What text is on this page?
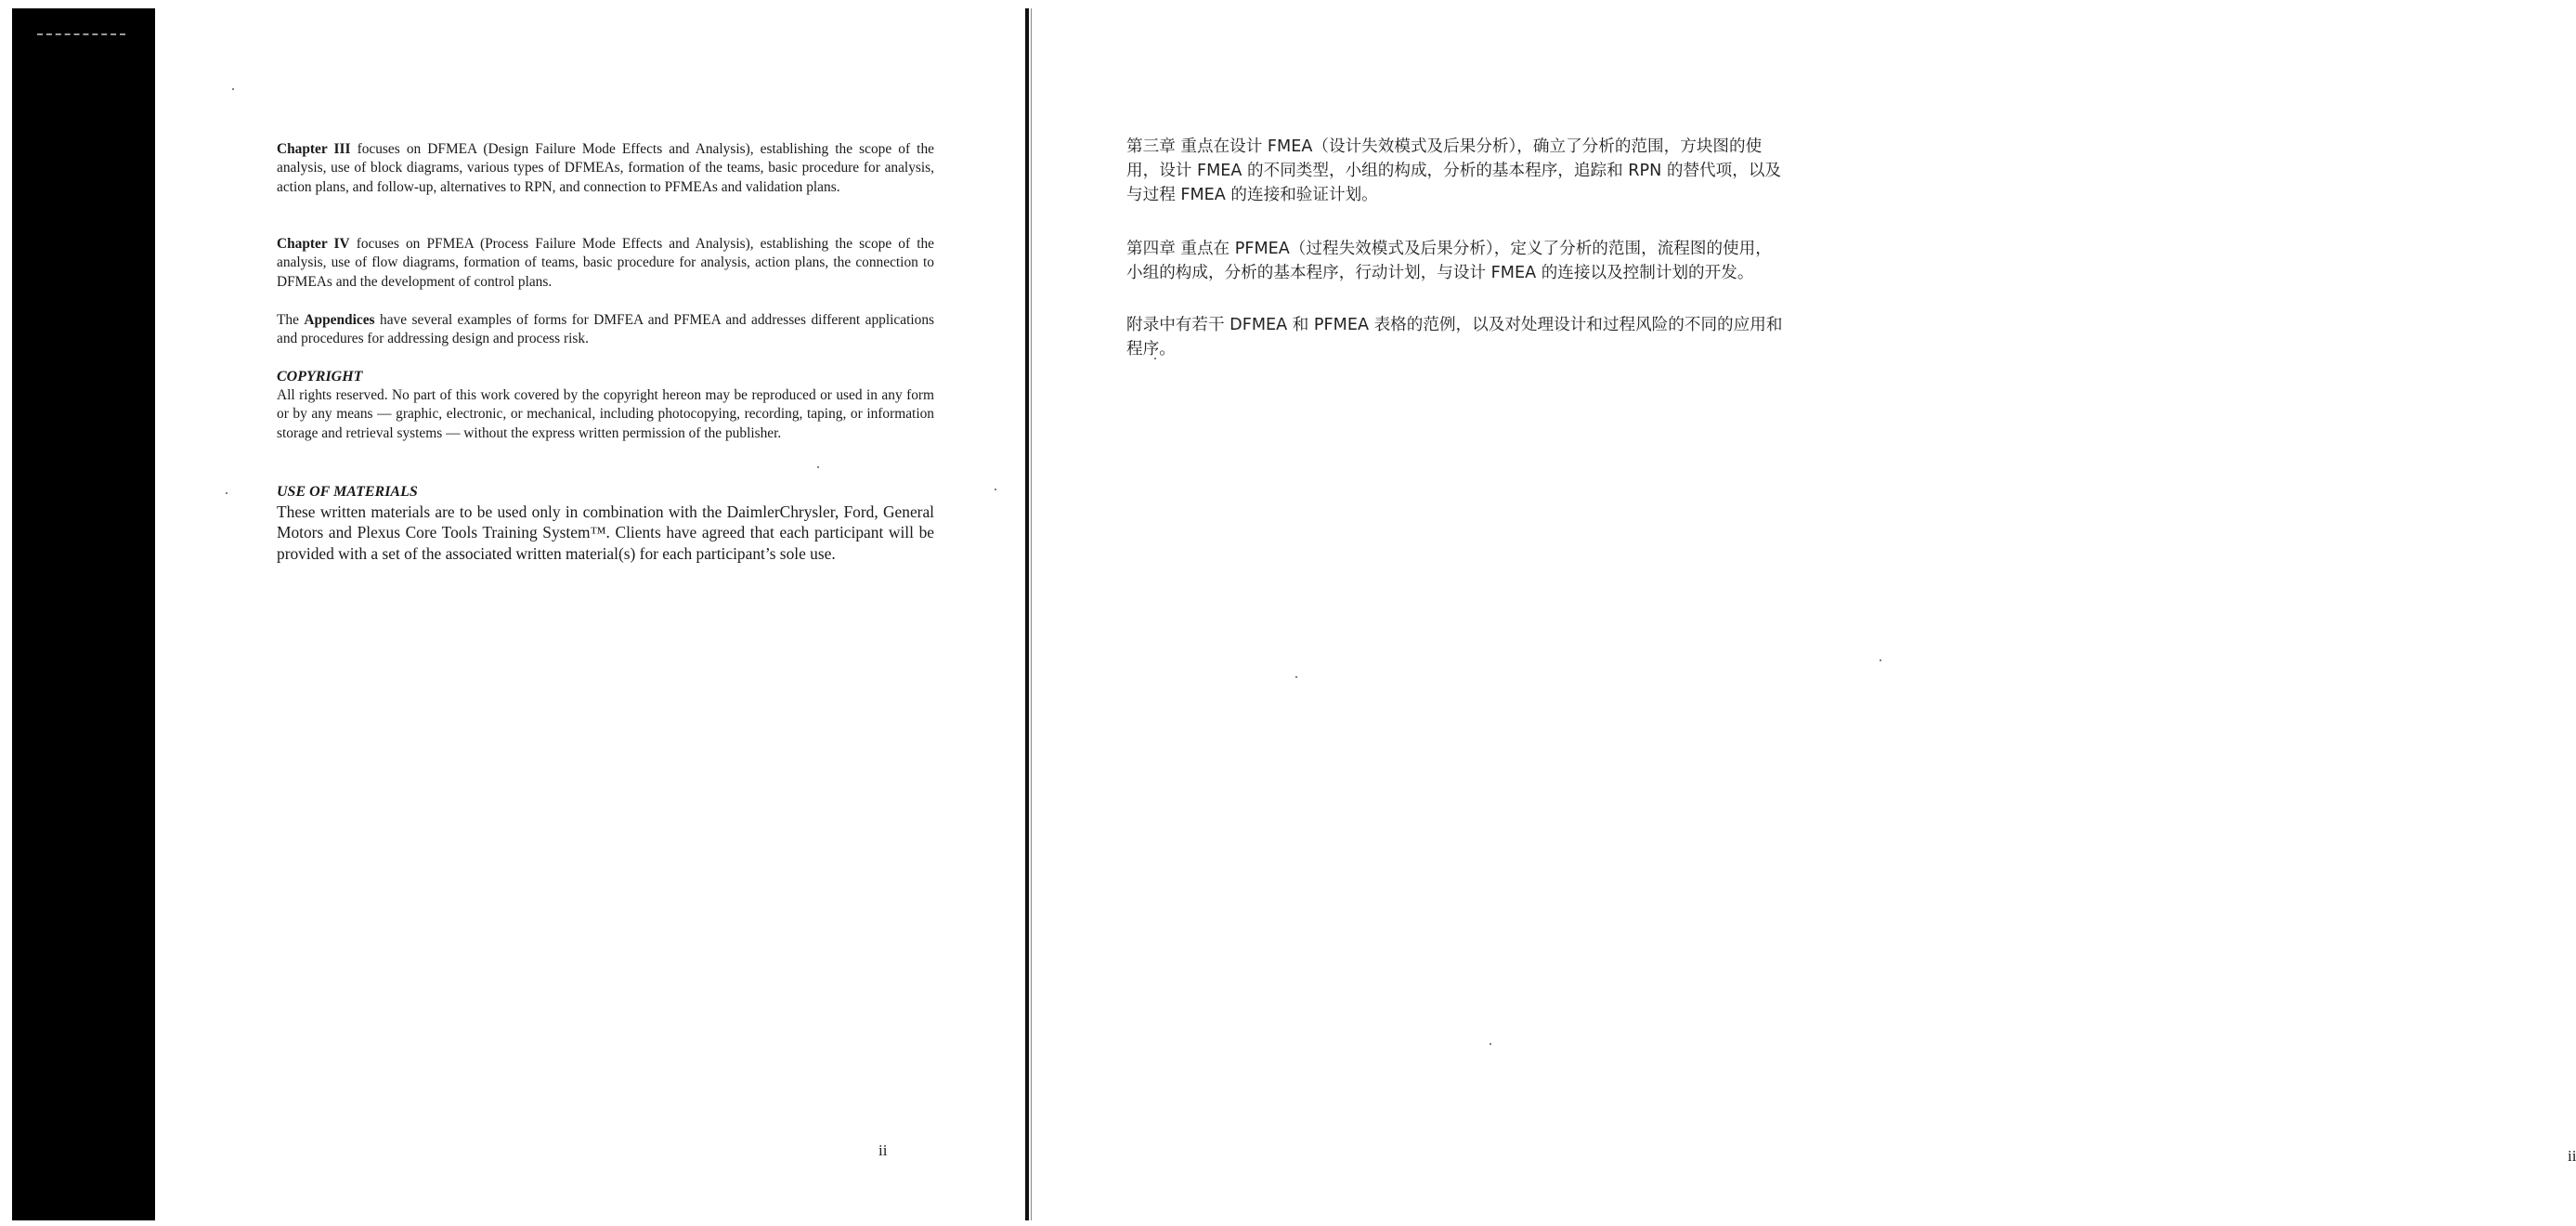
Chapter III focuses on DFMEA (Design Failure Mode Effects and Analysis), establishing the scope of the analysis, use of block diagrams, various types of DFMEAs, formation of the teams, basic procedure for analysis, action plans, and follow-up, alternatives to RPN, and connection to PFMEAs and validation plans.

Chapter IV focuses on PFMEA (Process Failure Mode Effects and Analysis), establishing the scope of the analysis, use of flow diagrams, formation of teams, basic procedure for analysis, action plans, the connection to DFMEAs and the development of control plans.

The Appendices have several examples of forms for DMFEA and PFMEA and addresses different applications and procedures for addressing design and process risk.

COPYRIGHT

All rights reserved. No part of this work covered by the copyright hereon may be reproduced or used in any form or by any means — graphic, electronic, or mechanical, including photocopying, recording, taping, or information storage and retrieval systems — without the express written permission of the publisher.

USE OF MATERIALS

These written materials are to be used only in combination with the DaimlerChrysler, Ford, General Motors and Plexus Core Tools Training System™. Clients have agreed that each participant will be provided with a set of the associated written material(s) for each participant’s sole use.

ii

第三章 重点在设计 FMEA（设计失效模式及后果分析），确立了分析的范围，方块图的使用，设计 FMEA 的不同类型，小组的构成，分析的基本程序，追踪和 RPN 的替代项，以及与过程 FMEA 的连接和验证计划。

第四章 重点在 PFMEA（过程失效模式及后果分析），定义了分析的范围，流程图的使用，小组的构成，分析的基本程序，行动计划，与设计 FMEA 的连接以及控制计划的开发。

附录中有若干 DFMEA 和 PFMEA 表格的范例，以及对处理设计和过程风险的不同的应用和程序。

ii
